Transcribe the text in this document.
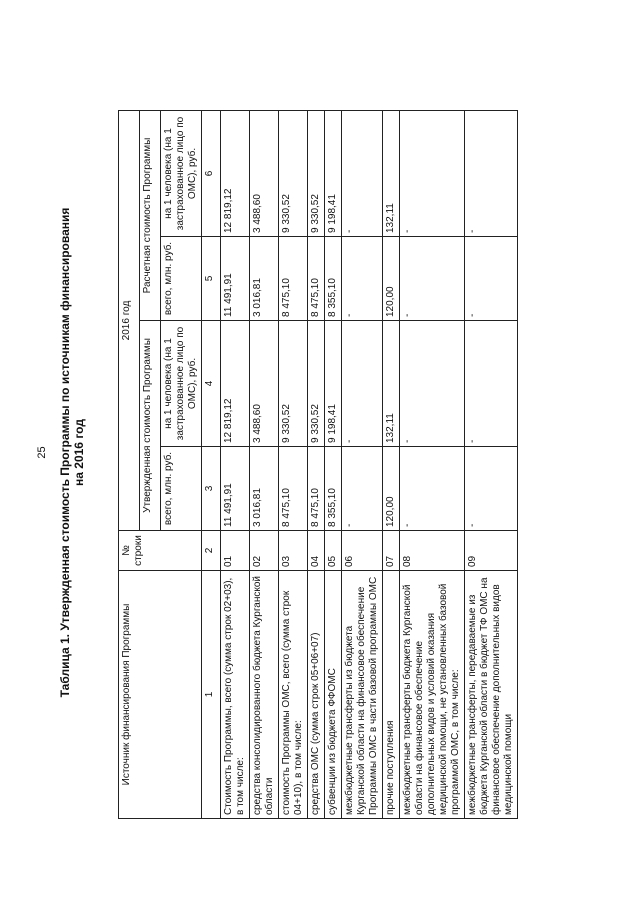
25 Таблица 1. Утвержденная стоимость Программы по источникам финансирования на 2016 год
Источник финансирования Программы	№ строки	2016 год			
		Утвержденная стоимость Программы		Расчетная стоимость Программы	
		всего, млн. руб.	на 1 человека (на 1 застрахованное лицо по ОМС), руб.	всего, млн. руб.	на 1 человека (на 1 застрахованное лицо по ОМС), руб.
1	2	3	4	5	6
Стоимость Программы, всего (сумма строк 02+03), в том числе:	01	11 491,91	12 819,12	11 491,91	12 819,12
средства консолидированного бюджета Курганской области	02	3 016,81	3 488,60	3 016,81	3 488,60
стоимость Программы ОМС, всего (сумма строк 04+10), в том числе:	03	8 475,10	9 330,52	8 475,10	9 330,52
средства ОМС (сумма строк 05+06+07)	04	8 475,10	9 330,52	8 475,10	9 330,52
субвенции из бюджета ФФОМС	05	8 355,10	9 198,41	8 355,10	9 198,41
межбюджетные трансферты из бюджета Курганской области на финансовое обеспечение Программы ОМС в части базовой программы ОМС	06	-	-	-	-
прочие поступления	07	120,00	132,11	120,00	132,11
межбюджетные трансферты бюджета Курганской области на финансовое обеспечение дополнительных видов и условий оказания медицинской помощи, не установленных базовой программой ОМС, в том числе:	08	-	-	-	-
межбюджетные трансферты, передаваемые из бюджета Курганской области в бюджет ТФ ОМС на финансовое обеспечение дополнительных видов медицинской помощи	09	-	-	-	-
